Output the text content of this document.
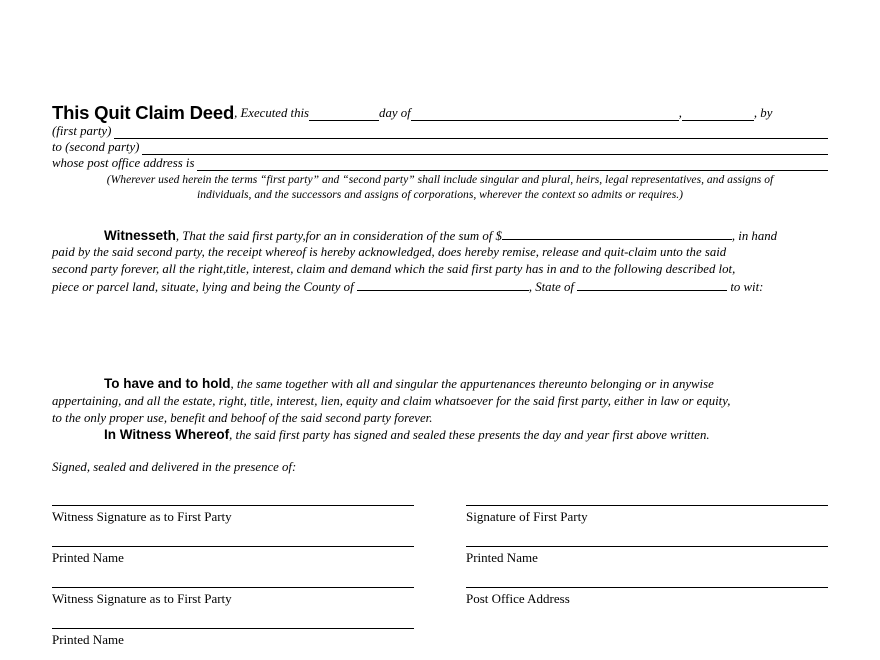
This Quit Claim Deed , Executed this	day of	,	, by
(first party)
to (second party)
whose post office address is
(Wherever used herein the terms “first party” and “second party” shall include singular and plural, heirs, legal representatives, and assigns of
individuals, and the successors and assigns of corporations, wherever the context so admits or requires.)
Witnesseth, That the said first party,for an in consideration of the sum of $	, in hand
paid by the said second party, the receipt whereof is hereby acknowledged, does hereby remise, release and quit-claim unto the said
second party forever, all the right,title, interest, claim and demand which the said first party has in and to the following described lot,
piece or parcel land, situate, lying and being the County of	, State of	to wit:
To have and to hold, the same together with all and singular the appurtenances thereunto belonging or in anywise
appertaining, and all the estate, right, title, interest, lien, equity and claim whatsoever for the said first party, either in law or equity,
to the only proper use, benefit and behoof of the said second party forever.
In Witness Whereof, the said first party has signed and sealed these presents the day and year first above written.
Signed, sealed and delivered in the presence of:
Witness Signature as to First Party
Printed Name
Witness Signature as to First Party
Printed Name
Signature of First Party
Printed Name
Post Office Address
